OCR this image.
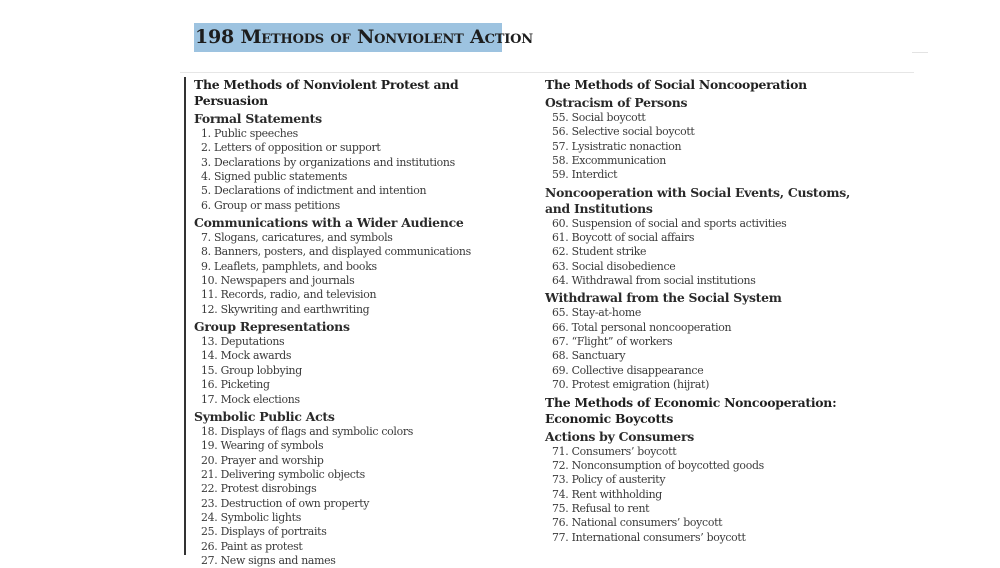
198 Methods of Nonviolent Action
The Methods of Nonviolent Protest and Persuasion
Formal Statements
1. Public speeches
2. Letters of opposition or support
3. Declarations by organizations and institutions
4. Signed public statements
5. Declarations of indictment and intention
6. Group or mass petitions
Communications with a Wider Audience
7. Slogans, caricatures, and symbols
8. Banners, posters, and displayed communications
9. Leaflets, pamphlets, and books
10. Newspapers and journals
11. Records, radio, and television
12. Skywriting and earthwriting
Group Representations
13. Deputations
14. Mock awards
15. Group lobbying
16. Picketing
17. Mock elections
Symbolic Public Acts
18. Displays of flags and symbolic colors
19. Wearing of symbols
20. Prayer and worship
21. Delivering symbolic objects
22. Protest disrobings
23. Destruction of own property
24. Symbolic lights
25. Displays of portraits
26. Paint as protest
27. New signs and names
The Methods of Social Noncooperation
Ostracism of Persons
55. Social boycott
56. Selective social boycott
57. Lysistratic nonaction
58. Excommunication
59. Interdict
Noncooperation with Social Events, Customs, and Institutions
60. Suspension of social and sports activities
61. Boycott of social affairs
62. Student strike
63. Social disobedience
64. Withdrawal from social institutions
Withdrawal from the Social System
65. Stay-at-home
66. Total personal noncooperation
67. “Flight” of workers
68. Sanctuary
69. Collective disappearance
70. Protest emigration (hijrat)
The Methods of Economic Noncooperation: Economic Boycotts
Actions by Consumers
71. Consumers’ boycott
72. Nonconsumption of boycotted goods
73. Policy of austerity
74. Rent withholding
75. Refusal to rent
76. National consumers’ boycott
77. International consumers’ boycott
